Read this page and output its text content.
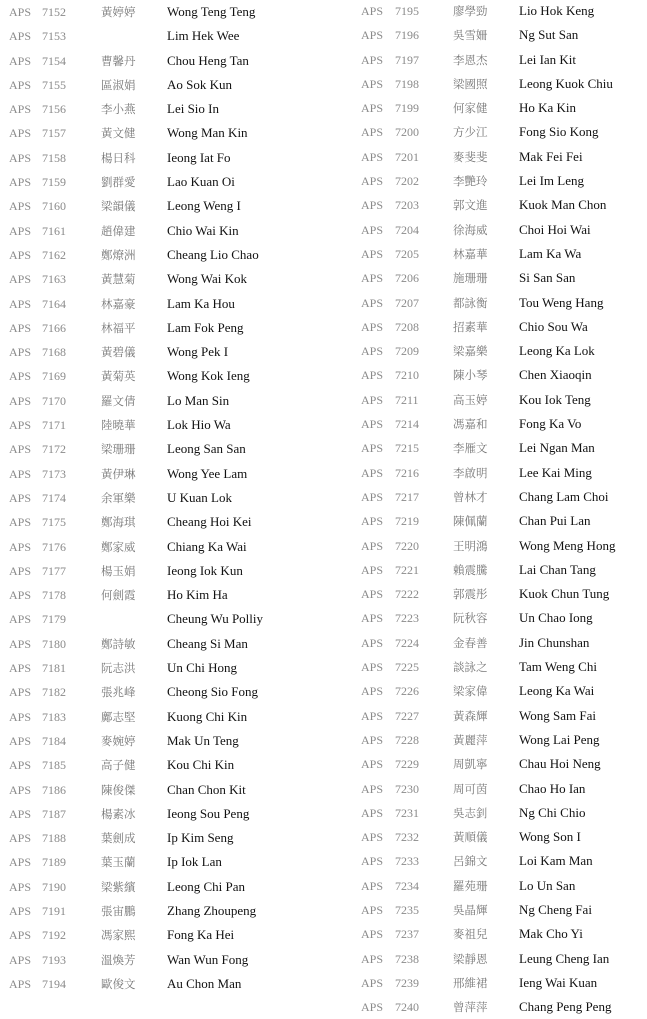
APS 7152	黃婷婷 Wong Teng Teng
APS 7153	Lim Hek Wee
APS 7154	曹馨丹 Chou Heng Tan
APS 7155	區淑娟 Ao Sok Kun
APS 7156	李小燕 Lei Sio In
APS 7157	黃文健 Wong Man Kin
APS 7158	楊日科 Ieong Iat Fo
APS 7159	劉群愛 Lao Kuan Oi
APS 7160	梁韻儀 Leong Weng I
APS 7161	趙偉建 Chio Wai Kin
APS 7162	鄭燎洲 Cheang Lio Chao
APS 7163	黃慧菊 Wong Wai Kok
APS 7164	林嘉豪 Lam Ka Hou
APS 7166	林福平 Lam Fok Peng
APS 7168	黃碧儀 Wong Pek I
APS 7169	黃菊英 Wong Kok Ieng
APS 7170	羅文倩 Lo Man Sin
APS 7171	陸曉華 Lok Hio Wa
APS 7172	梁珊珊 Leong San San
APS 7173	黃伊琳 Wong Yee Lam
APS 7174	余軍樂 U Kuan Lok
APS 7175	鄭海琪 Cheang Hoi Kei
APS 7176	鄭家威 Chiang Ka Wai
APS 7177	楊玉娟 Ieong Iok Kun
APS 7178	何劍霞 Ho Kim Ha
APS 7179	Cheung Wu Polliy
APS 7180	鄭詩敏 Cheang Si Man
APS 7181	阮志洪 Un Chi Hong
APS 7182	張兆峰 Cheong Sio Fong
APS 7183	鄺志堅 Kuong Chi Kin
APS 7184	麥婉婷 Mak Un Teng
APS 7185	高子健 Kou Chi Kin
APS 7186	陳俊傑 Chan Chon Kit
APS 7187	楊素冰 Ieong Sou Peng
APS 7188	葉劍成 Ip Kim Seng
APS 7189	葉玉蘭 Ip Iok Lan
APS 7190	梁紫繽 Leong Chi Pan
APS 7191	張宙鵬 Zhang Zhoupeng
APS 7192	馮家熙 Fong Ka Hei
APS 7193	溫煥芳 Wan Wun Fong
APS 7194	歐俊文 Au Chon Man
APS 7195	廖學勁 Lio Hok Keng
APS 7196	吳雪姍 Ng Sut San
APS 7197	李恩杰 Lei Ian Kit
APS 7198	梁國照 Leong Kuok Chiu
APS 7199	何家健 Ho Ka Kin
APS 7200	方少江 Fong Sio Kong
APS 7201	麥斐斐 Mak Fei Fei
APS 7202	李艷玲 Lei Im Leng
APS 7203	郭文進 Kuok Man Chon
APS 7204	徐海威 Choi Hoi Wai
APS 7205	林嘉華 Lam Ka Wa
APS 7206	施珊珊 Si San San
APS 7207	都詠衡 Tou Weng Hang
APS 7208	招素華 Chio Sou Wa
APS 7209	梁嘉樂 Leong Ka Lok
APS 7210	陳小琴 Chen Xiaoqin
APS 7211	高玉婷 Kou Iok Teng
APS 7214	馮嘉和 Fong Ka Vo
APS 7215	李雁文 Lei Ngan Man
APS 7216	李啟明 Lee Kai Ming
APS 7217	曾林才 Chang Lam Choi
APS 7219	陳佩蘭 Chan Pui Lan
APS 7220	王明鴻 Wong Meng Hong
APS 7221	賴震騰 Lai Chan Tang
APS 7222	郭震彤 Kuok Chun Tung
APS 7223	阮秋容 Un Chao Iong
APS 7224	金春善 Jin Chunshan
APS 7225	談詠之 Tam Weng Chi
APS 7226	梁家偉 Leong Ka Wai
APS 7227	黃森輝 Wong Sam Fai
APS 7228	黃麗萍 Wong Lai Peng
APS 7229	周凱寧 Chau Hoi Neng
APS 7230	周可茵 Chao Ho Ian
APS 7231	吳志釗 Ng Chi Chio
APS 7232	黃順儀 Wong Son I
APS 7233	呂錦文 Loi Kam Man
APS 7234	羅苑珊 Lo Un San
APS 7235	吳晶輝 Ng Cheng Fai
APS 7237	麥祖兒 Mak Cho Yi
APS 7238	梁靜恩 Leung Cheng Ian
APS 7239	邢維裙 Ieng Wai Kuan
APS 7240	曾萍萍 Chang Peng Peng
